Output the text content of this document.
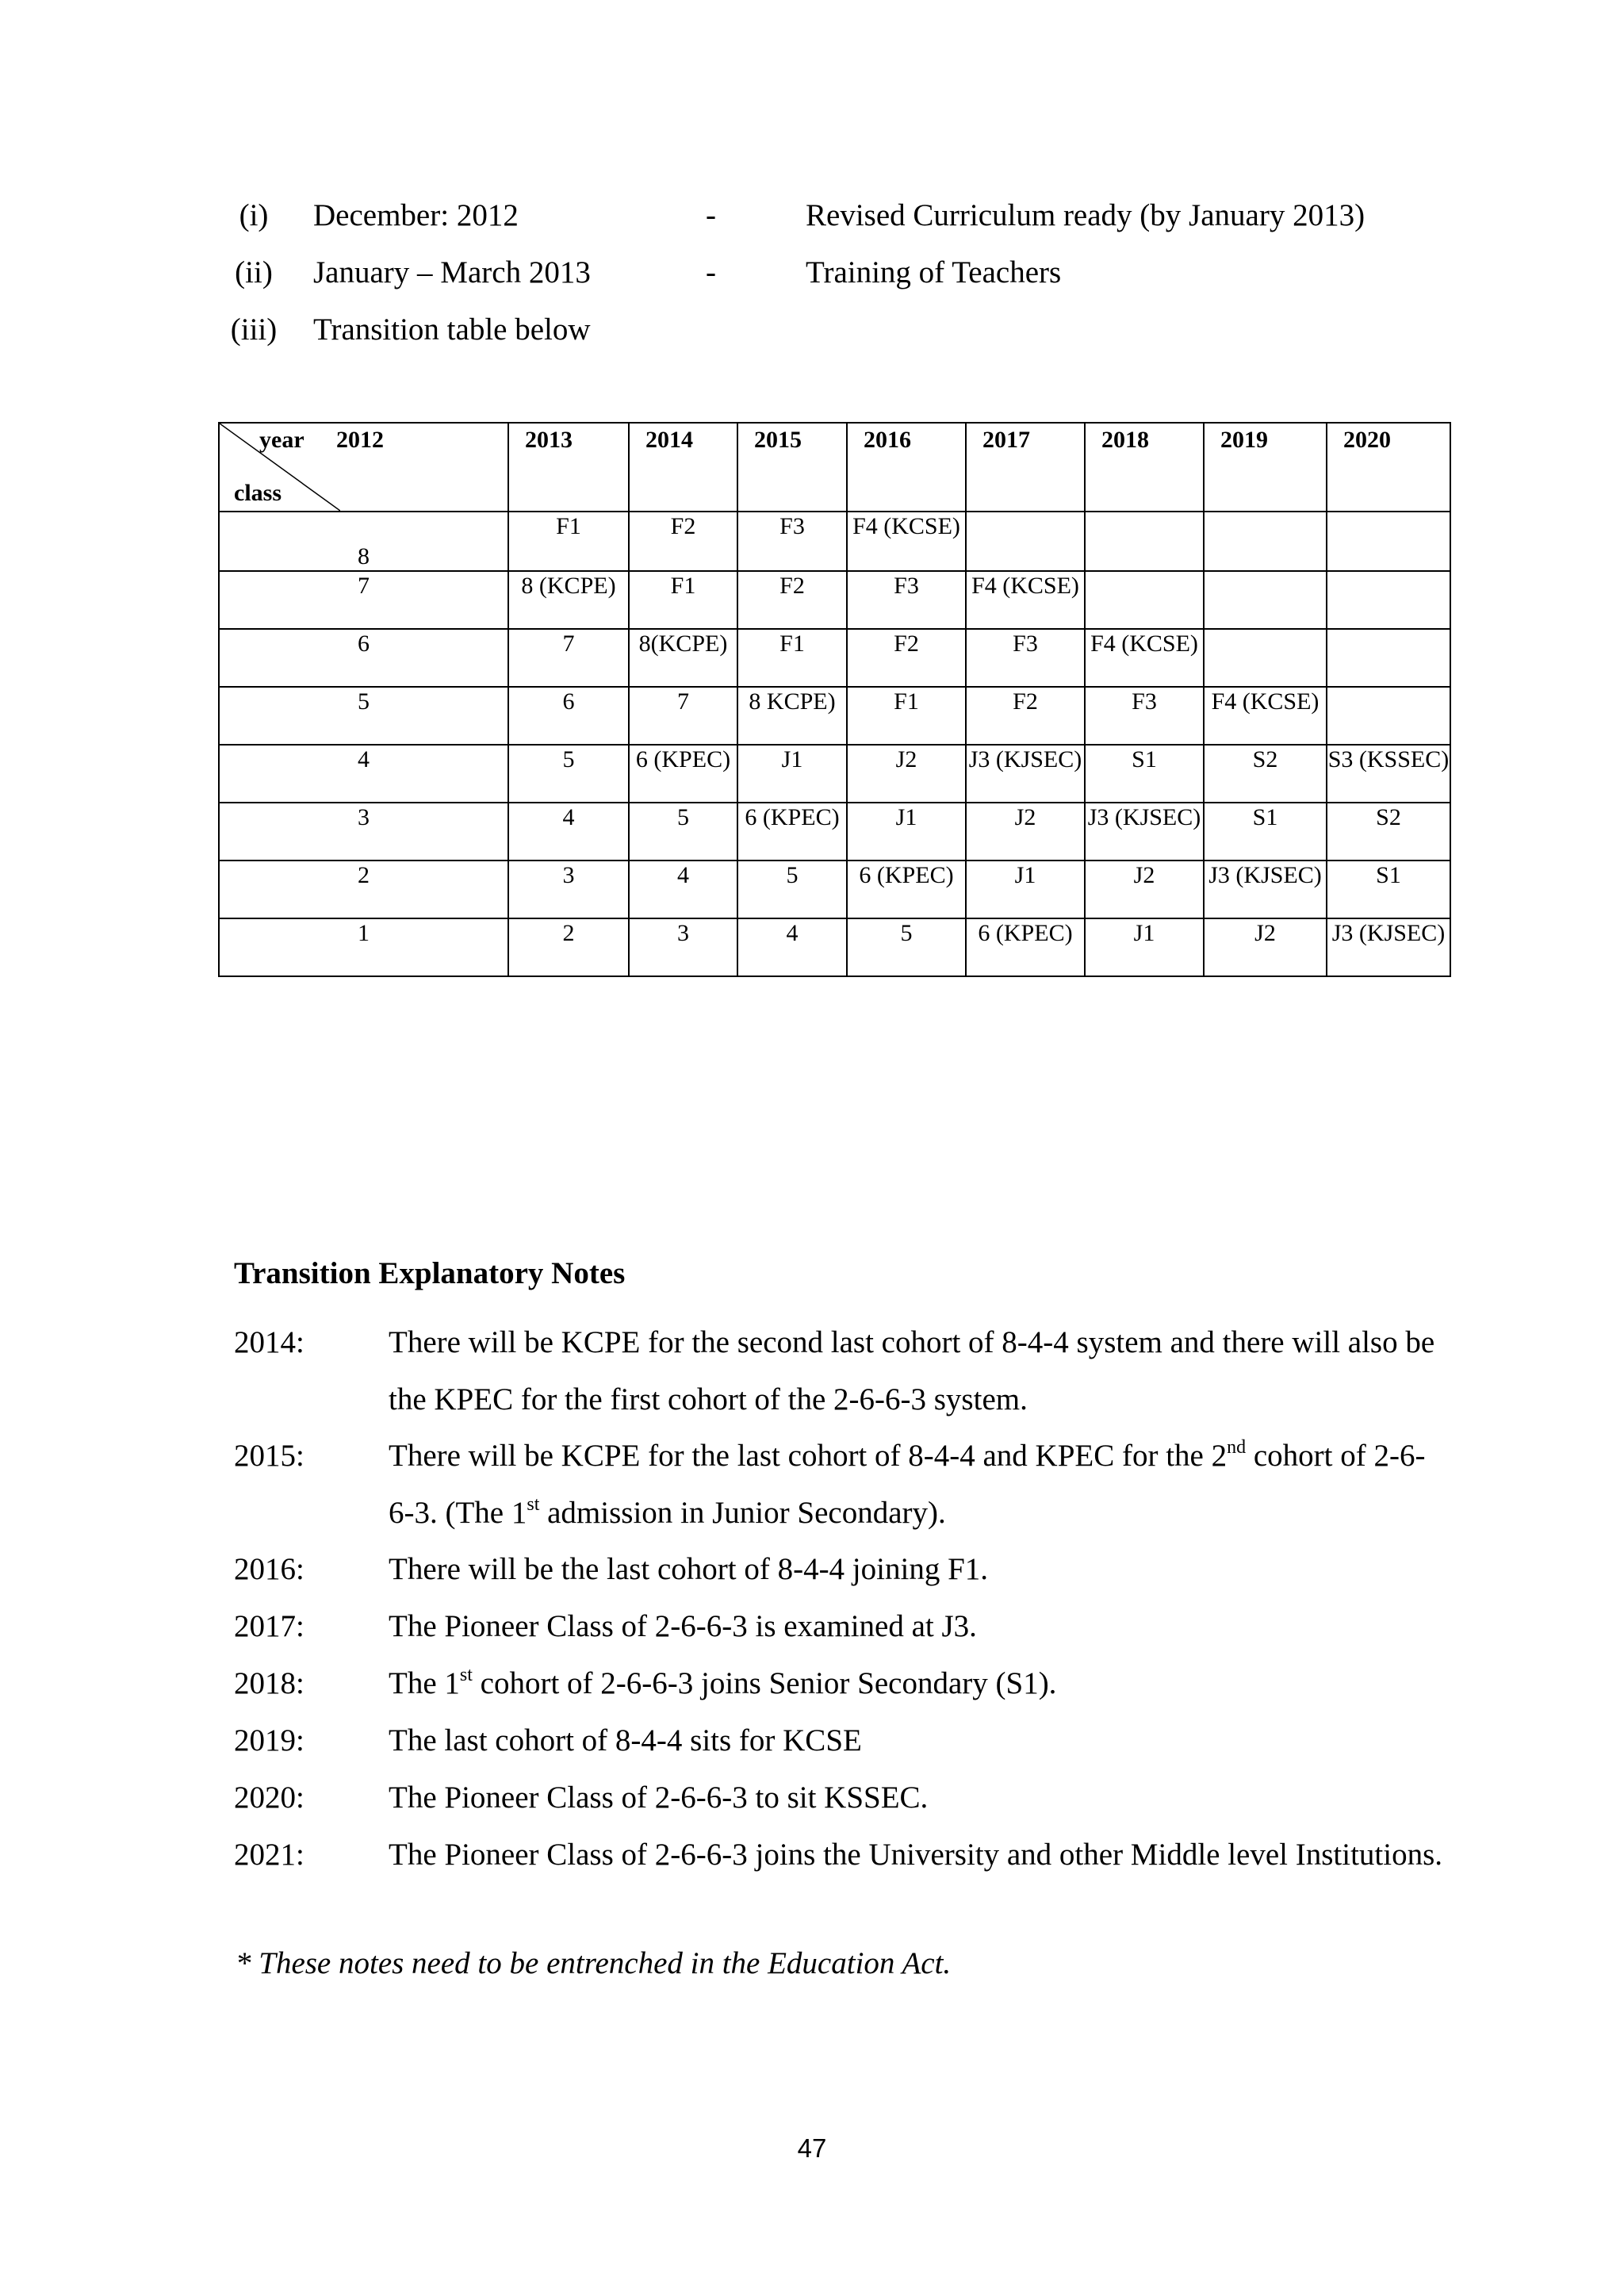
(i)	December: 2012	-	Revised Curriculum ready (by January 2013)
(ii)	January – March 2013	-	Training of Teachers
(iii)	Transition table below
year
class
2012	2013	2014	2015	2016	2017	2018	2019	2020	

8	F1	F2	F3	F4 (KCSE)					
7	8 (KCPE)	F1	F2	F3	F4 (KCSE)				
6	7	8(KCPE)	F1	F2	F3	F4 (KCSE)			
5	6	7	8 KCPE)	F1	F2	F3	F4 (KCSE)		
4	5	6 (KPEC)	J1	J2	J3 (KJSEC)	S1	S2	S3 (KSSEC)	
3	4	5	6 (KPEC)	J1	J2	J3 (KJSEC)	S1	S2	
2	3	4	5	6 (KPEC)	J1	J2	J3 (KJSEC)	S1	
1	2	3	4	5	6 (KPEC)	J1	J2	J3 (KJSEC)	
Transition Explanatory Notes
2014:	There will be KCPE for the second last cohort of 8-4-4 system and there will also be the KPEC for the first cohort of the 2-6-6-3 system.
2015:	There will be KCPE for the last cohort of 8-4-4 and KPEC for the 2nd cohort of 2-6-6-3. (The 1st admission in Junior Secondary).
2016:	There will be the last cohort of 8-4-4 joining F1.
2017:	The Pioneer Class of 2-6-6-3 is examined at J3.
2018:	The 1st cohort of 2-6-6-3 joins Senior Secondary (S1).
2019:	The last cohort of 8-4-4 sits for KCSE
2020:	The Pioneer Class of 2-6-6-3 to sit KSSEC.
2021:	The Pioneer Class of 2-6-6-3 joins the University and other Middle level Institutions.
* These notes need to be entrenched in the Education Act.
47
